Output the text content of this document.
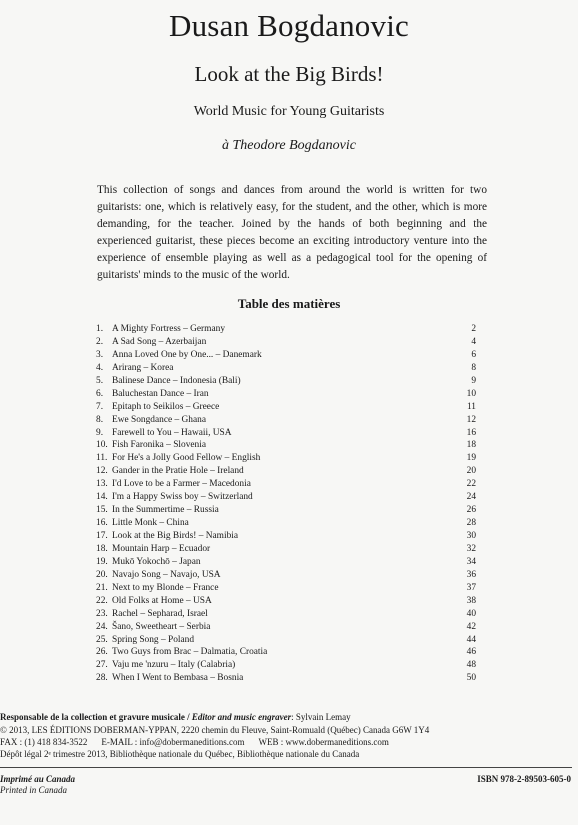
Dusan Bogdanovic
Look at the Big Birds!
World Music for Young Guitarists
à Theodore Bogdanovic

This collection of songs and dances from around the world is written for two guitarists: one, which is relatively easy, for the student, and the other, which is more demanding, for the teacher. Joined by the hands of both beginning and the experienced guitarist, these pieces become an exciting introductory venture into the experience of ensemble playing as well as a pedagogical tool for the opening of guitarists' minds to the music of the world.

Table des matières
1. A Mighty Fortress – Germany	2
2. A Sad Song – Azerbaijan	4
3. Anna Loved One by One... – Danemark	6
4. Arirang – Korea	8
5. Balinese Dance – Indonesia (Bali)	9
6. Baluchestan Dance – Iran	10
7. Epitaph to Seikilos – Greece	11
8. Ewe Songdance – Ghana	12
9. Farewell to You – Hawaii, USA	16
10. Fish Faronika – Slovenia	18
11. For He's a Jolly Good Fellow – English	19
12. Gander in the Pratie Hole – Ireland	20
13. I'd Love to be a Farmer – Macedonia	22
14. I'm a Happy Swiss boy – Switzerland	24
15. In the Summertime – Russia	26
16. Little Monk – China	28
17. Look at the Big Birds! – Namibia	30
18. Mountain Harp – Ecuador	32
19. Mukō Yokochō – Japan	34
20. Navajo Song – Navajo, USA	36
21. Next to my Blonde – France	37
22. Old Folks at Home – USA	38
23. Rachel – Sepharad, Israel	40
24. Šano, Sweetheart – Serbia	42
25. Spring Song – Poland	44
26. Two Guys from Brac – Dalmatia, Croatia	46
27. Vaju me 'nzuru – Italy (Calabria)	48
28. When I Went to Bembasa – Bosnia	50
Responsable de la collection et gravure musicale / Editor and music engraver: Sylvain Lemay
© 2013, LES ÉDITIONS DOBERMAN-YPPAN, 2220 chemin du Fleuve, Saint-Romuald (Québec) Canada G6W 1Y4
FAX : (1) 418 834-3522 E-MAIL : info@dobermaneditions.com WEB : www.dobermaneditions.com
Dépôt légal 2ᵉ trimestre 2013, Bibliothèque nationale du Québec, Bibliothèque nationale du Canada
Imprimé au Canada
Printed in Canada
ISBN 978-2-89503-605-0
